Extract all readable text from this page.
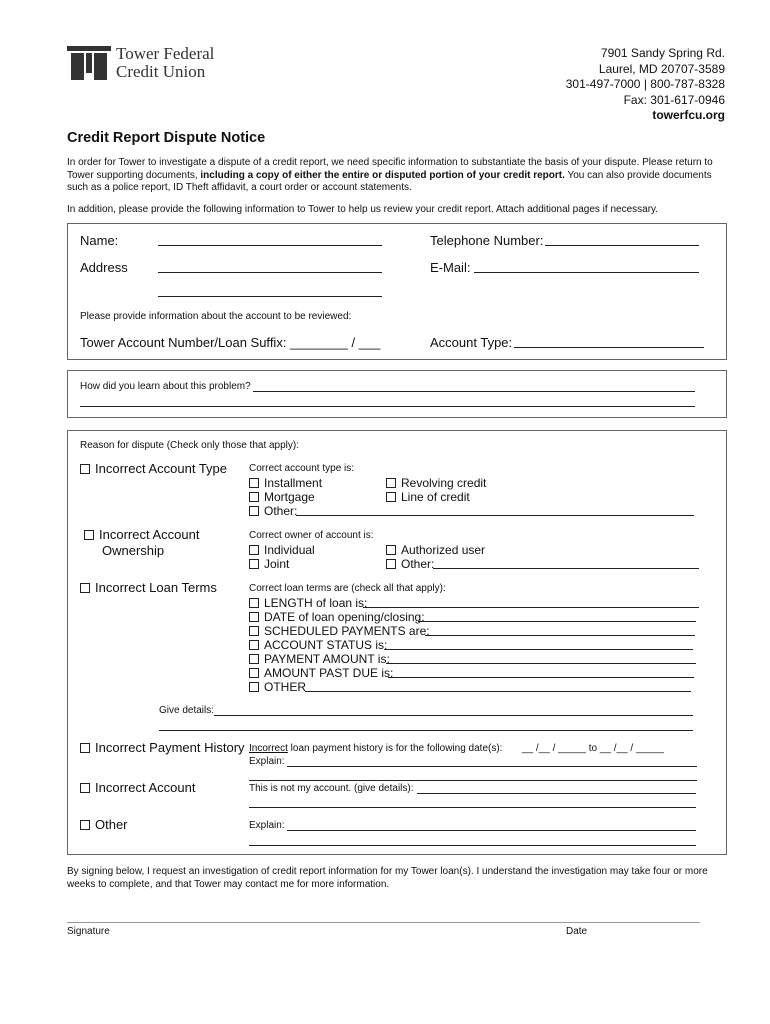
Tower Federal
Credit Union
7901 Sandy Spring Rd.
Laurel, MD 20707-3589
301-497-7000 | 800-787-8328
Fax: 301-617-0946
towerfcu.org
Credit Report Dispute Notice
In order for Tower to investigate a dispute of a credit report, we need specific information to substantiate the basis of your dispute. Please return to Tower supporting documents, including a copy of either the entire or disputed portion of your credit report. You can also provide documents such as a police report, ID Theft affidavit, a court order or account statements.
In addition, please provide the following information to Tower to help us review your credit report. Attach additional pages if necessary.
Name:	Telephone Number:
Address	E-Mail:
Please provide information about the account to be reviewed:
Tower Account Number/Loan Suffix: ________ / ___	Account Type:
How did you learn about this problem?
Reason for dispute (Check only those that apply):
Incorrect Account Type Correct account type is:
Installment	Revolving credit
Mortgage	Line of credit
Other:
Incorrect Account
Ownership
Correct owner of account is:
Individual	Authorized user
Joint	Other:
Incorrect Loan Terms	Correct loan terms are (check all that apply):
LENGTH of loan is:
DATE of loan opening/closing:
SCHEDULED PAYMENTS are:
ACCOUNT STATUS is:
PAYMENT AMOUNT is:
AMOUNT PAST DUE is:
OTHER
Give details:
Incorrect Payment History Incorrect loan payment history is for the following date(s): __ /__ / _____ to __ /__ / _____
Explain:
Incorrect Account	This is not my account. (give details):
Other	Explain:
By signing below, I request an investigation of credit report information for my Tower loan(s). I understand the investigation may take four or more weeks to complete, and that Tower may contact me for more information.
Signature	Date
